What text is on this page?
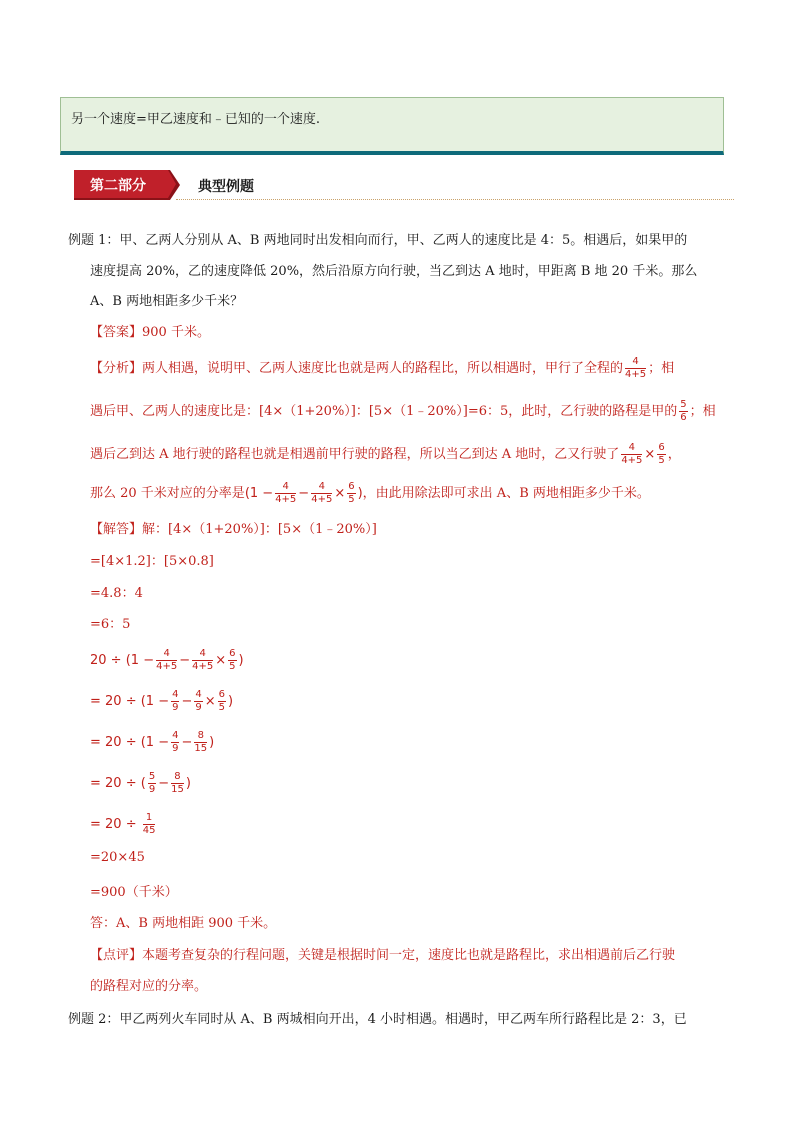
另一个速度=甲乙速度和﹣已知的一个速度.
第二部分	典型例题
例题 1：甲、乙两人分别从 A、B 两地同时出发相向而行，甲、乙两人的速度比是 4：5。相遇后，如果甲的
速度提高 20%，乙的速度降低 20%，然后沿原方向行驶，当乙到达 A 地时，甲距离 B 地 20 千米。那么
A、B 两地相距多少千米？
【答案】900 千米。
【分析】两人相遇，说明甲、乙两人速度比也就是两人的路程比，所以相遇时，甲行了全程的 $\frac{4}{4+5}$ ；相
遇后甲、乙两人的速度比是：[4×（1+20%）]：[5×（1﹣20%）]=6：5，此时，乙行驶的路程是甲的 $\frac{5}{6}$ ；相
遇后乙到达 A 地行驶的路程也就是相遇前甲行驶的路程，所以当乙到达 A 地时，乙又行驶了 $\frac{4}{4+5} \times \frac{6}{5}$ ，
那么 20 千米对应的分率是($1 - \frac{4}{4+5} - \frac{4}{4+5} \times \frac{6}{5}$ )，由此用除法即可求出 A、B 两地相距多少千米。
【解答】解：[4×（1+20%）]：[5×（1﹣20%）]
=[4×1.2]：[5×0.8]
=4.8：4
=6：5
$20 \div (1 - \frac{4}{4+5} - \frac{4}{4+5} \times \frac{6}{5}$ )
= $20 \div (1 - \frac{4}{9} - \frac{4}{9} \times \frac{6}{5}$ )
= $20 \div (1 - \frac{4}{9} - \frac{8}{15}$ )
= 20 ÷ ( $\frac{5}{9} - \frac{8}{15}$ )
= $20 \div \frac{1}{45}$
=20×45
=900（千米）
答：A、B 两地相距 900 千米。
【点评】本题考查复杂的行程问题，关键是根据时间一定，速度比也就是路程比，求出相遇前后乙行驶
的路程对应的分率。
例题 2：甲乙两列火车同时从 A、B 两城相向开出，4 小时相遇。相遇时，甲乙两车所行路程比是 2：3，已
